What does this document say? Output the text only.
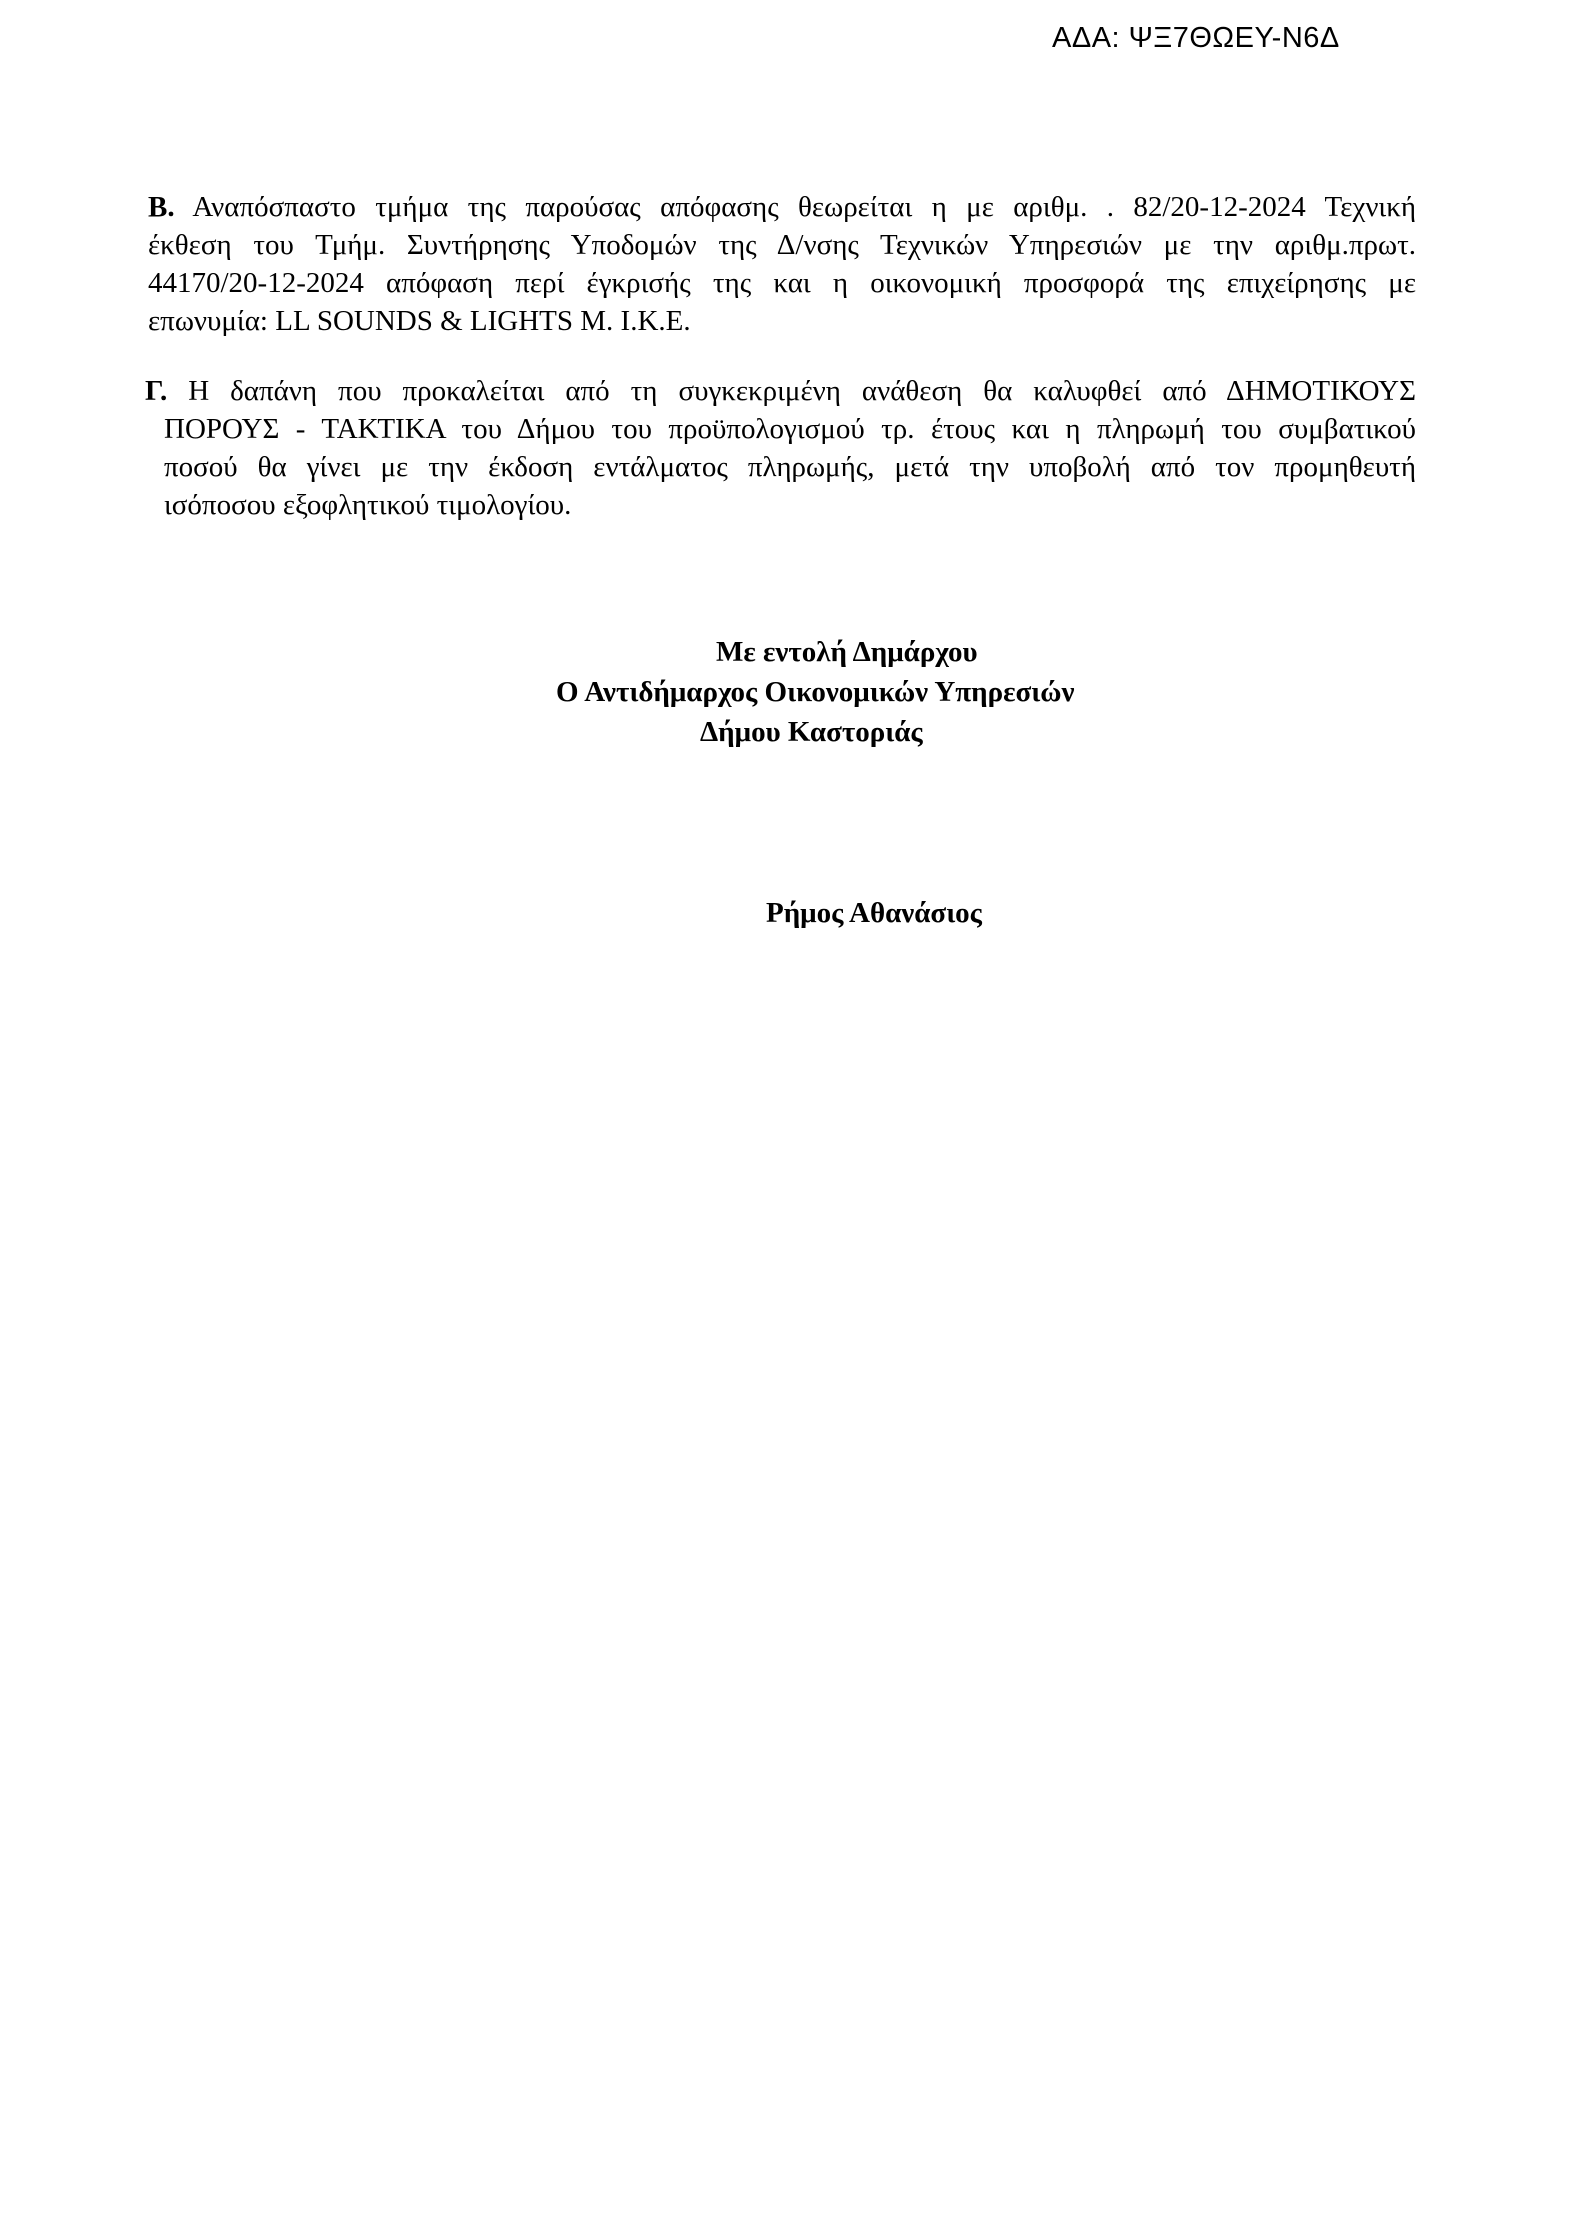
ΑΔΑ: ΨΞ7ΘΩΕΥ-Ν6Δ
Β. Αναπόσπαστο τμήμα της παρούσας απόφασης θεωρείται η με αριθμ. . 82/20-12-2024 Τεχνική
έκθεση του Τμήμ. Συντήρησης Υποδομών της Δ/νσης Τεχνικών Υπηρεσιών με την αριθμ.πρωτ.
44170/20-12-2024 απόφαση περί έγκρισής της και η οικονομική προσφορά της επιχείρησης με
επωνυμία: LL SOUNDS & LIGHTS M. I.K.E.
Γ. Η δαπάνη που προκαλείται από τη συγκεκριμένη ανάθεση θα καλυφθεί από ΔΗΜΟΤΙΚΟΥΣ
ΠΟΡΟΥΣ - ΤΑΚΤΙΚΑ του Δήμου του προϋπολογισμού τρ. έτους και η πληρωμή του συμβατικού
ποσού θα γίνει με την έκδοση εντάλματος πληρωμής, μετά την υποβολή από τον προμηθευτή
ισόποσου εξοφλητικού τιμολογίου.
Με εντολή Δημάρχου
Ο Αντιδήμαρχος Οικονομικών Υπηρεσιών
Δήμου Καστοριάς
Ρήμος Αθανάσιος
